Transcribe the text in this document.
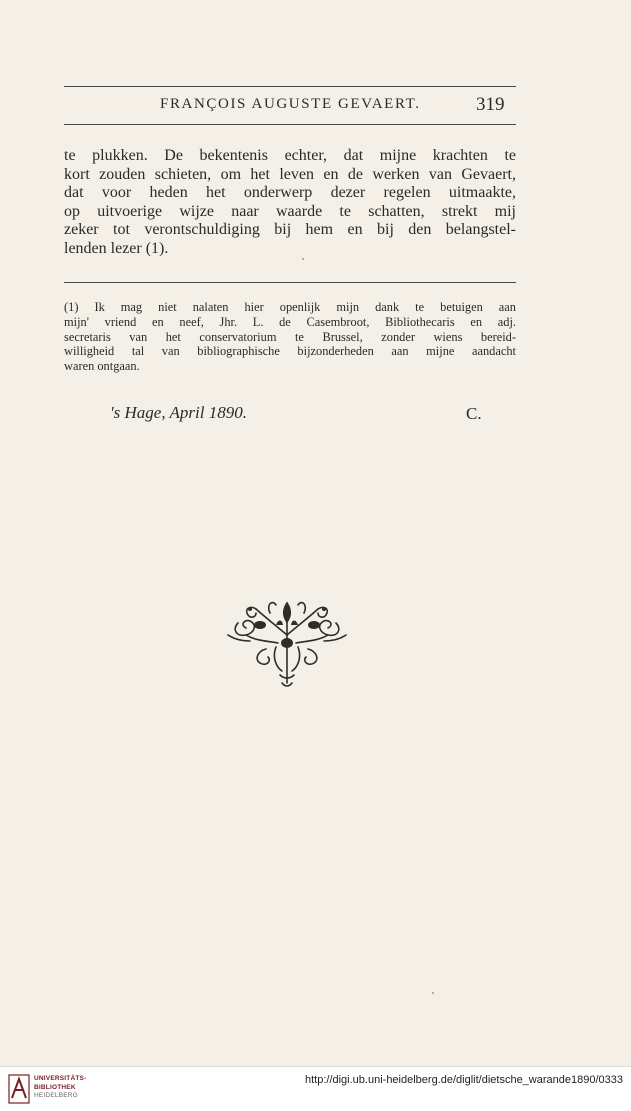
FRANÇOIS AUGUSTE GEVAERT.	319
te plukken. De bekentenis echter, dat mijne krachten te
kort zouden schieten, om het leven en de werken van Gevaert,
dat voor heden het onderwerp dezer regelen uitmaakte,
op uitvoerige wijze naar waarde te schatten, strekt mij
zeker tot verontschuldiging bij hem en bij den belangstel-
lenden lezer (1).
(1) Ik mag niet nalaten hier openlijk mijn dank te betuigen aan
mijn' vriend en neef, Jhr. L. de Casembroot, Bibliothecaris en adj.
secretaris van het conservatorium te Brussel, zonder wiens bereid-
willigheid tal van bibliographische bijzonderheden aan mijne aandacht
waren ontgaan.
's Hage, April 1890.	C.
UNIVERSITÄTS-
BIBLIOTHEK
HEIDELBERG
http://digi.ub.uni-heidelberg.de/diglit/dietsche_warande1890/0333
